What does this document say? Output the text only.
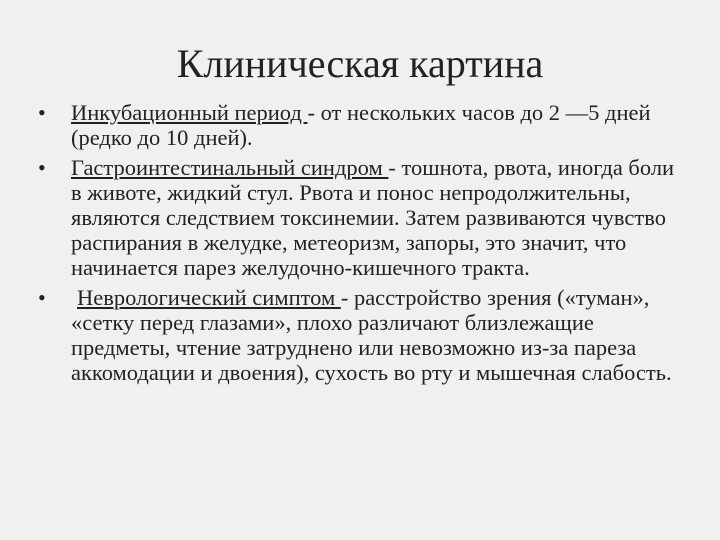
Клиническая картина
• Инкубационный период - от нескольких часов до 2 —5 дней (редко до 10 дней).
• Гастроинтестинальный синдром - тошнота, рвота, иногда боли в животе, жидкий стул. Рвота и понос непродолжительны, являются следствием токсинемии. Затем развиваются чувство распирания в желудке, метеоризм, запоры, это значит, что начинается парез желудочно-кишечного тракта.
• Неврологический симптом - расстройство зрения («туман», «сетку перед глазами», плохо различают близлежащие предметы, чтение затруднено или невозможно из-за пареза аккомодации и двоения), сухость во рту и мышечная слабость.
